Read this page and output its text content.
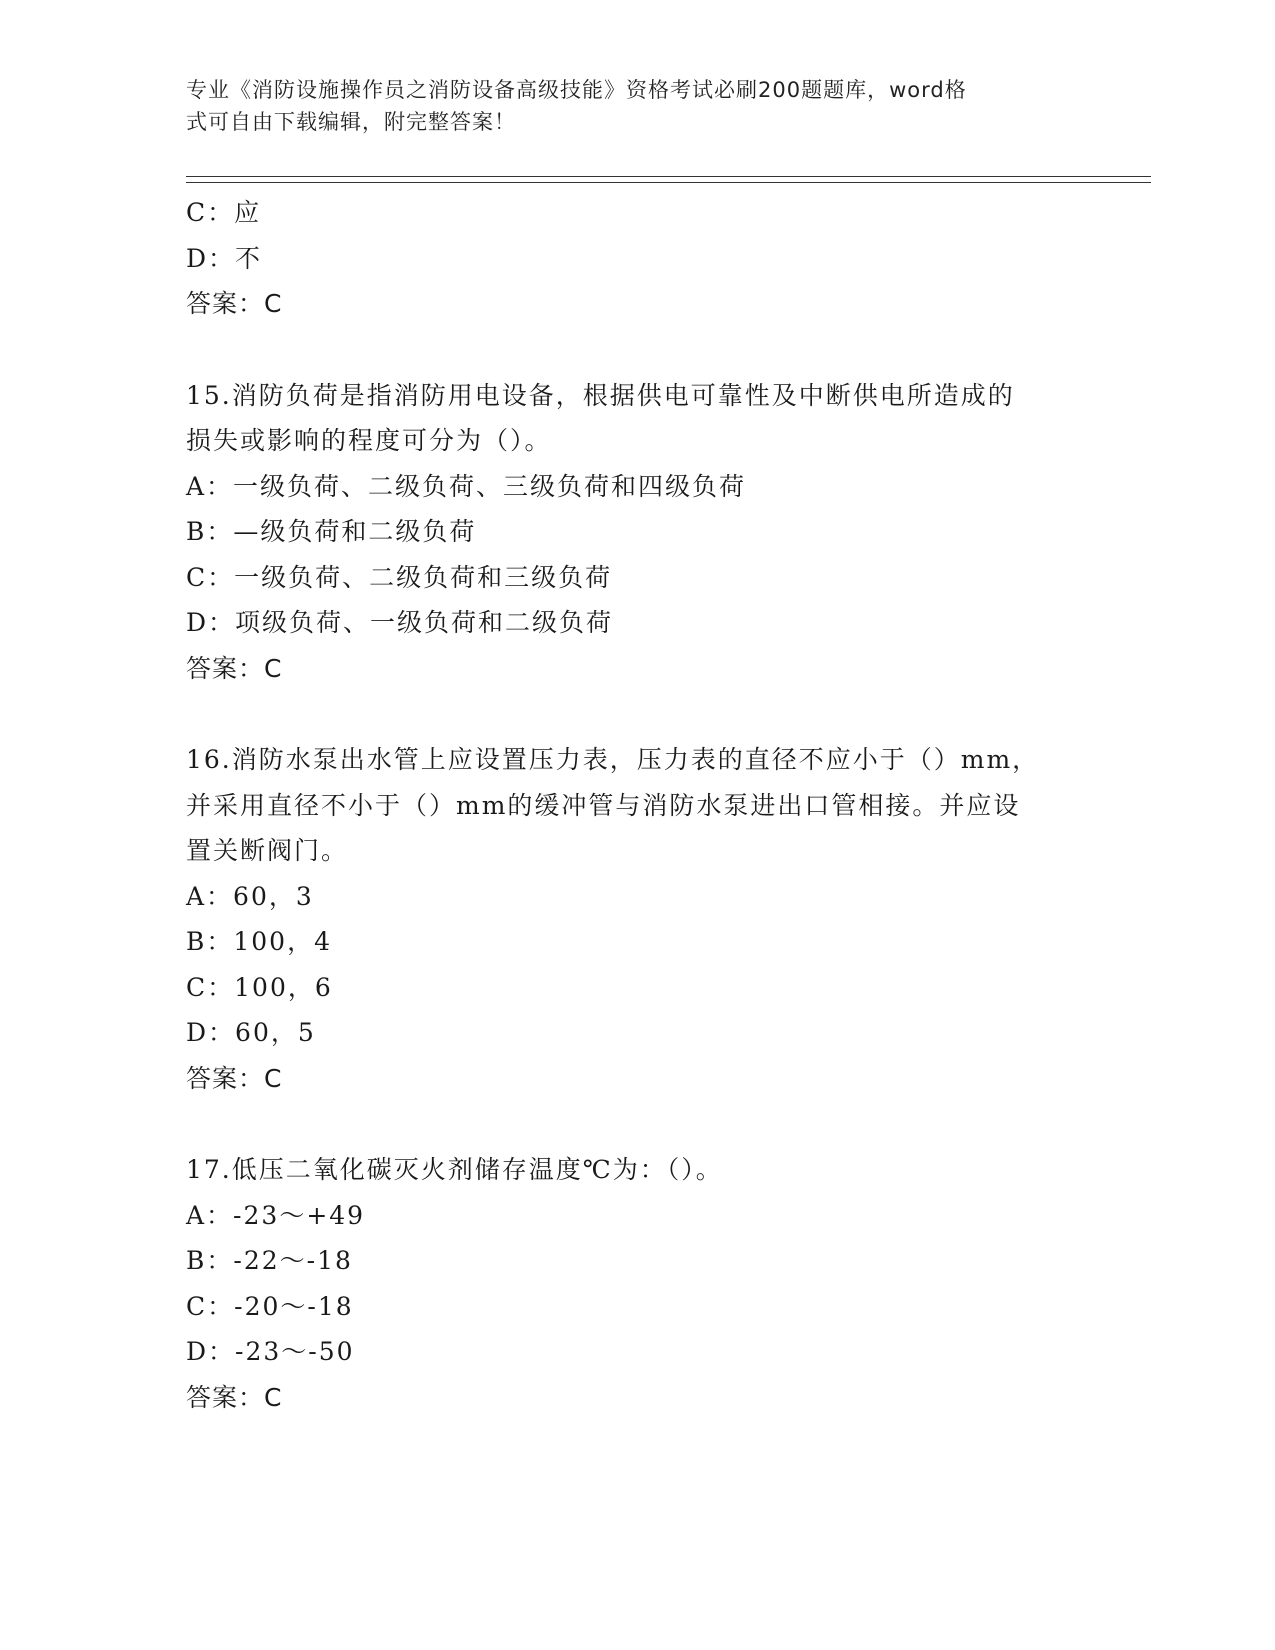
专业《消防设施操作员之消防设备高级技能》资格考试必刷200题题库，word格
式可自由下载编辑，附完整答案！
C：应
D：不
答案：C
15.消防负荷是指消防用电设备，根据供电可靠性及中断供电所造成的
损失或影响的程度可分为（）。
A：一级负荷、二级负荷、三级负荷和四级负荷
B：—级负荷和二级负荷
C：一级负荷、二级负荷和三级负荷
D：项级负荷、一级负荷和二级负荷
答案：C
16.消防水泵出水管上应设置压力表，压力表的直径不应小于（）mm，
并采用直径不小于（）mm的缓冲管与消防水泵进出口管相接。并应设
置关断阀门。
A：60，3
B：100，4
C：100，6
D：60，5
答案：C
17.低压二氧化碳灭火剂储存温度℃为：（）。
A：-23～+49
B：-22～-18
C：-20～-18
D：-23～-50
答案：C
